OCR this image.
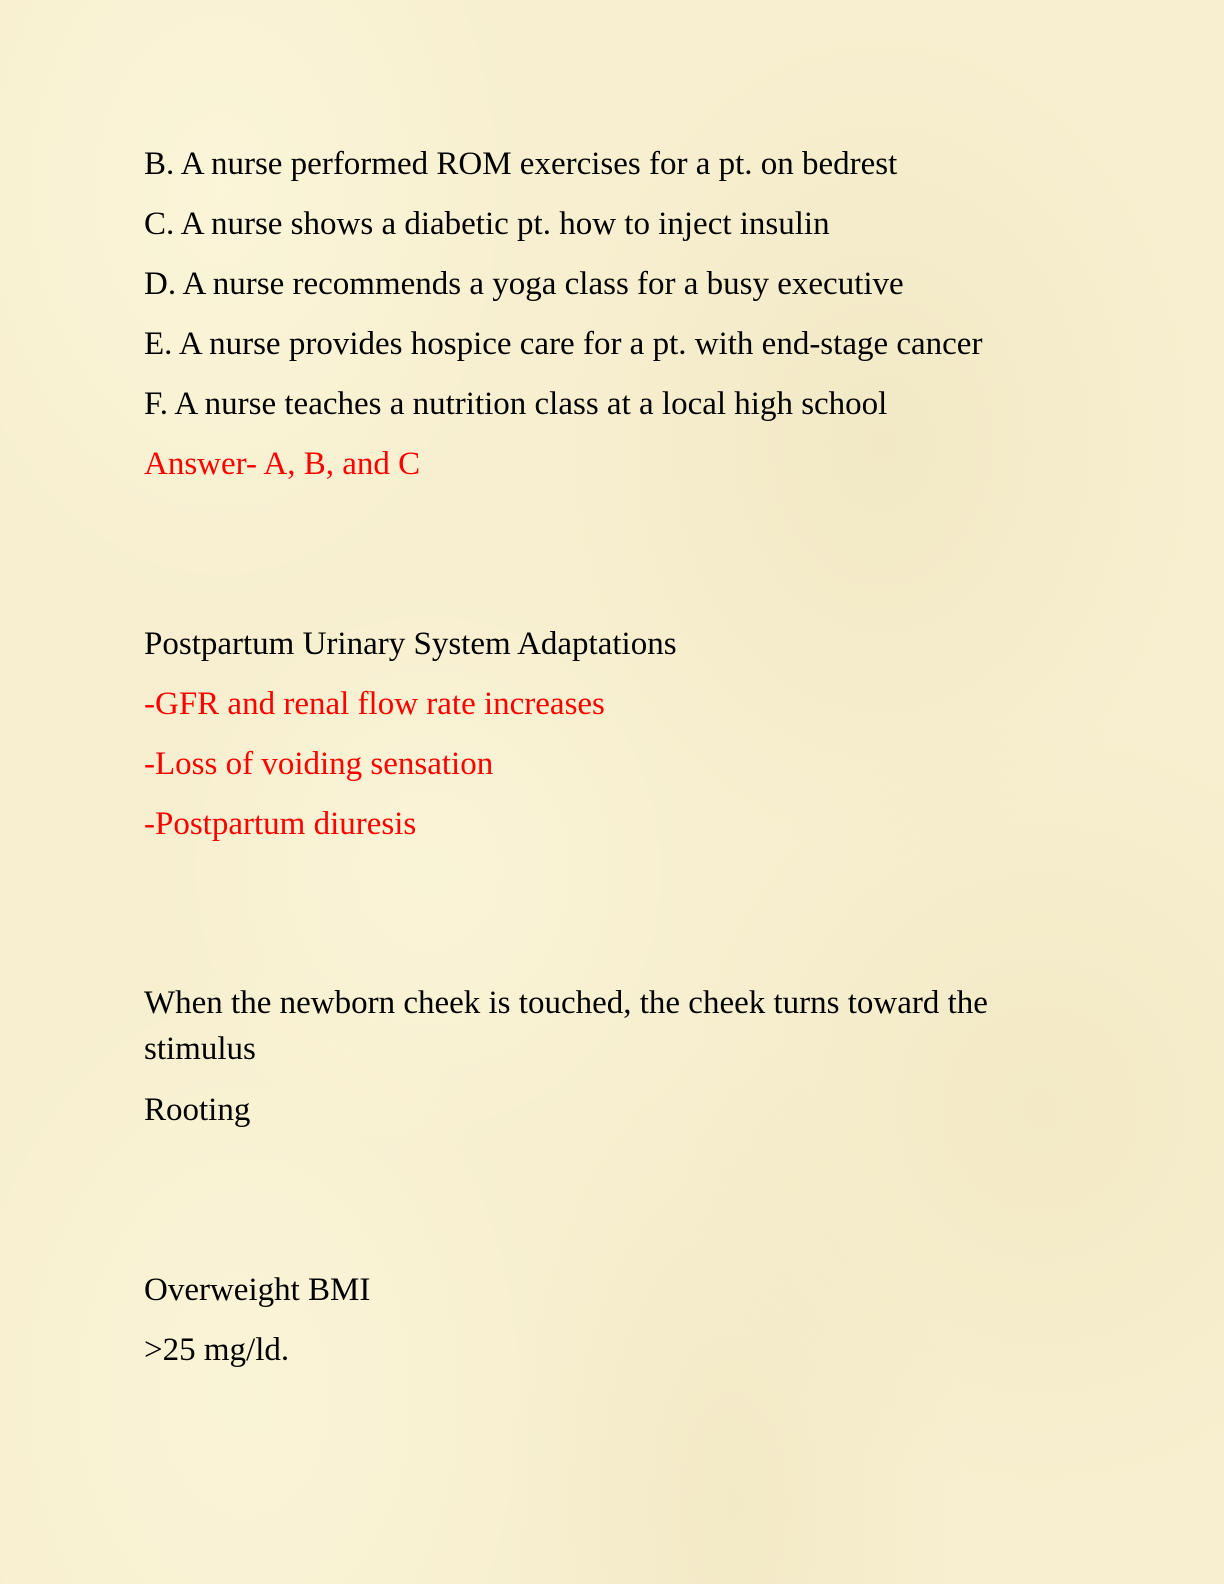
B. A nurse performed ROM exercises for a pt. on bedrest

C. A nurse shows a diabetic pt. how to inject insulin

D. A nurse recommends a yoga class for a busy executive

E. A nurse provides hospice care for a pt. with end-stage cancer

F. A nurse teaches a nutrition class at a local high school

Answer- A, B, and C

Postpartum Urinary System Adaptations

-GFR and renal flow rate increases

-Loss of voiding sensation

-Postpartum diuresis

When the newborn cheek is touched, the cheek turns toward the stimulus

Rooting

Overweight BMI

>25 mg/ld.
